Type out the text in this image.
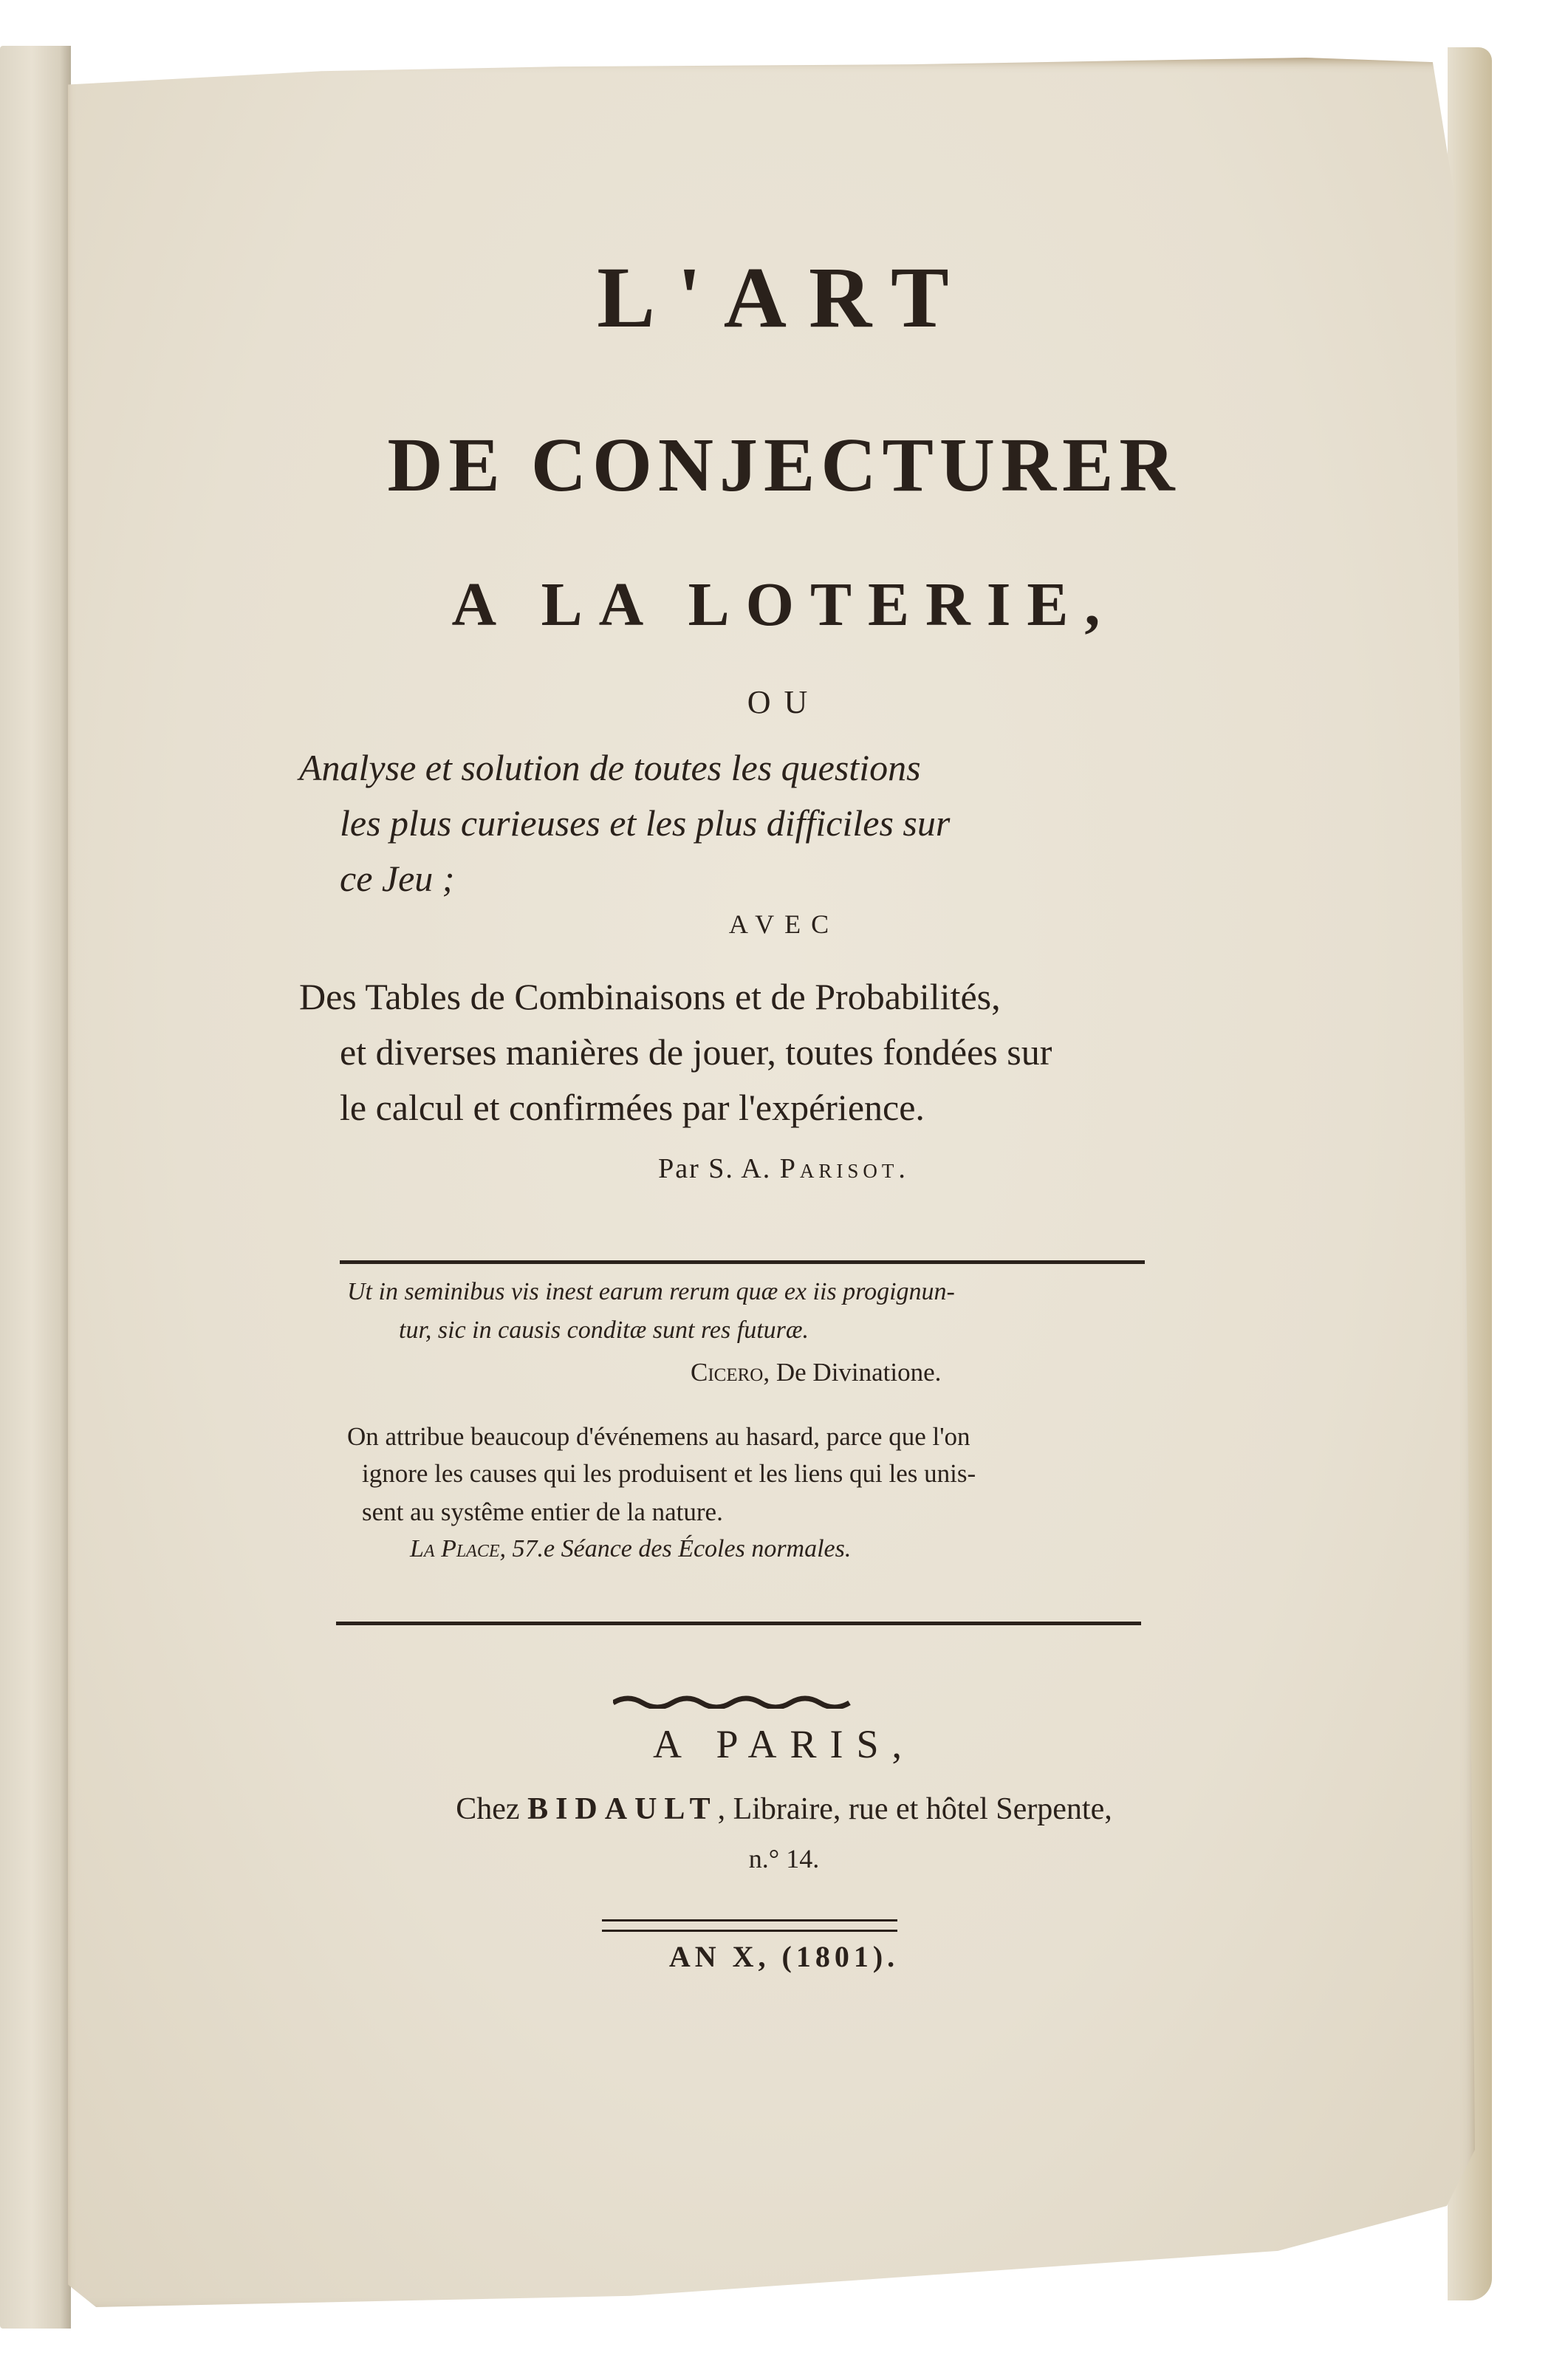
L'ART
DE CONJECTURER
A LA LOTERIE,
OU
Analyse et solution de toutes les questions
les plus curieuses et les plus difficiles sur
ce Jeu ;
AVEC
Des Tables de Combinaisons et de Probabilités,
et diverses manières de jouer, toutes fondées sur
le calcul et confirmées par l'expérience.
Par S. A. Parisot.
Ut in seminibus vis inest earum rerum quæ ex iis progignun-
tur, sic in causis conditæ sunt res futuræ.
Cicero, De Divinatione.
On attribue beaucoup d'événemens au hasard, parce que l'on
ignore les causes qui les produisent et les liens qui les unis-
sent au systême entier de la nature.
La Place, 57.e Séance des Écoles normales.
A PARIS,
Chez BIDAULT, Libraire, rue et hôtel Serpente,
n.° 14.
AN X, (1801).
